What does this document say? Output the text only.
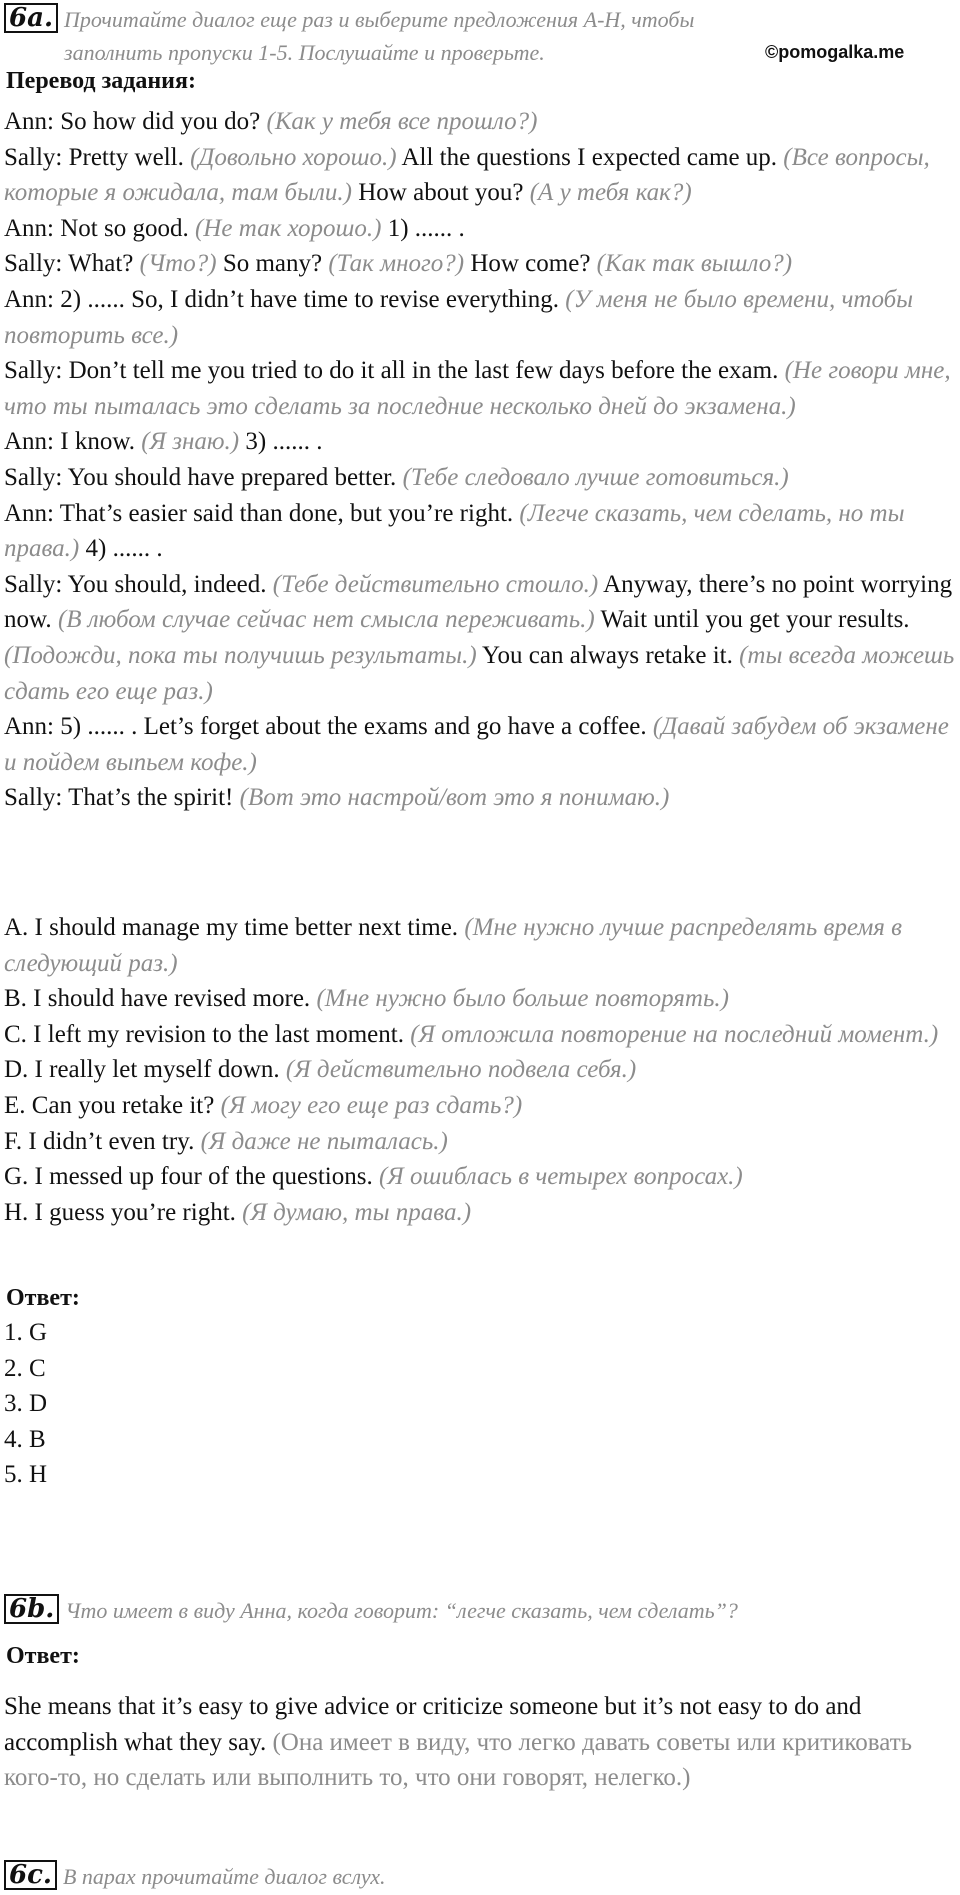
6a. Прочитайте диалог еще раз и выберите предложения A-H, чтобы заполнить пропуски 1-5. Послушайте и проверьте.	©pomogalka.me
Перевод задания:

Ann: So how did you do? (Как у тебя все прошло?)

Sally: Pretty well. (Довольно хорошо.) All the questions I expected came up. (Все вопросы, которые я ожидала, там были.) How about you? (А у тебя как?)

Ann: Not so good. (Не так хорошо.) 1) ...... .

Sally: What? (Что?) So many? (Так много?) How come? (Как так вышло?)

Ann: 2) ...... So, I didn’t have time to revise everything. (У меня не было времени, чтобы повторить все.)

Sally: Don’t tell me you tried to do it all in the last few days before the exam. (Не говори мне, что ты пыталась это сделать за последние несколько дней до экзамена.)

Ann: I know. (Я знаю.) 3) ...... .

Sally: You should have prepared better. (Тебе следовало лучше готовиться.)

Ann: That’s easier said than done, but you’re right. (Легче сказать, чем сделать, но ты права.) 4) ...... .

Sally: You should, indeed. (Тебе действительно стоило.) Anyway, there’s no point worrying now. (В любом случае сейчас нет смысла переживать.) Wait until you get your results. (Подожди, пока ты получишь результаты.) You can always retake it. (ты всегда можешь сдать его еще раз.)

Ann: 5) ...... . Let’s forget about the exams and go have a coffee. (Давай забудем об экзамене и пойдем выпьем кофе.)

Sally: That’s the spirit! (Вот это настрой/вот это я понимаю.)

A. I should manage my time better next time. (Мне нужно лучше распределять время в следующий раз.)

B. I should have revised more. (Мне нужно было больше повторять.)

C. I left my revision to the last moment. (Я отложила повторение на последний момент.)

D. I really let myself down. (Я действительно подвела себя.)

E. Can you retake it? (Я могу его еще раз сдать?)

F. I didn’t even try. (Я даже не пыталась.)

G. I messed up four of the questions. (Я ошиблась в четырех вопросах.)

H. I guess you’re right. (Я думаю, ты права.)

Ответ:
1. G
2. C
3. D
4. B
5. H
6b. Что имеет в виду Анна, когда говорит: “легче сказать, чем сделать”?
Ответ:

She means that it’s easy to give advice or criticize someone but it’s not easy to do and accomplish what they say. (Она имеет в виду, что легко давать советы или критиковать кого-то, но сделать или выполнить то, что они говорят, нелегко.)

6c. В парах прочитайте диалог вслух.
